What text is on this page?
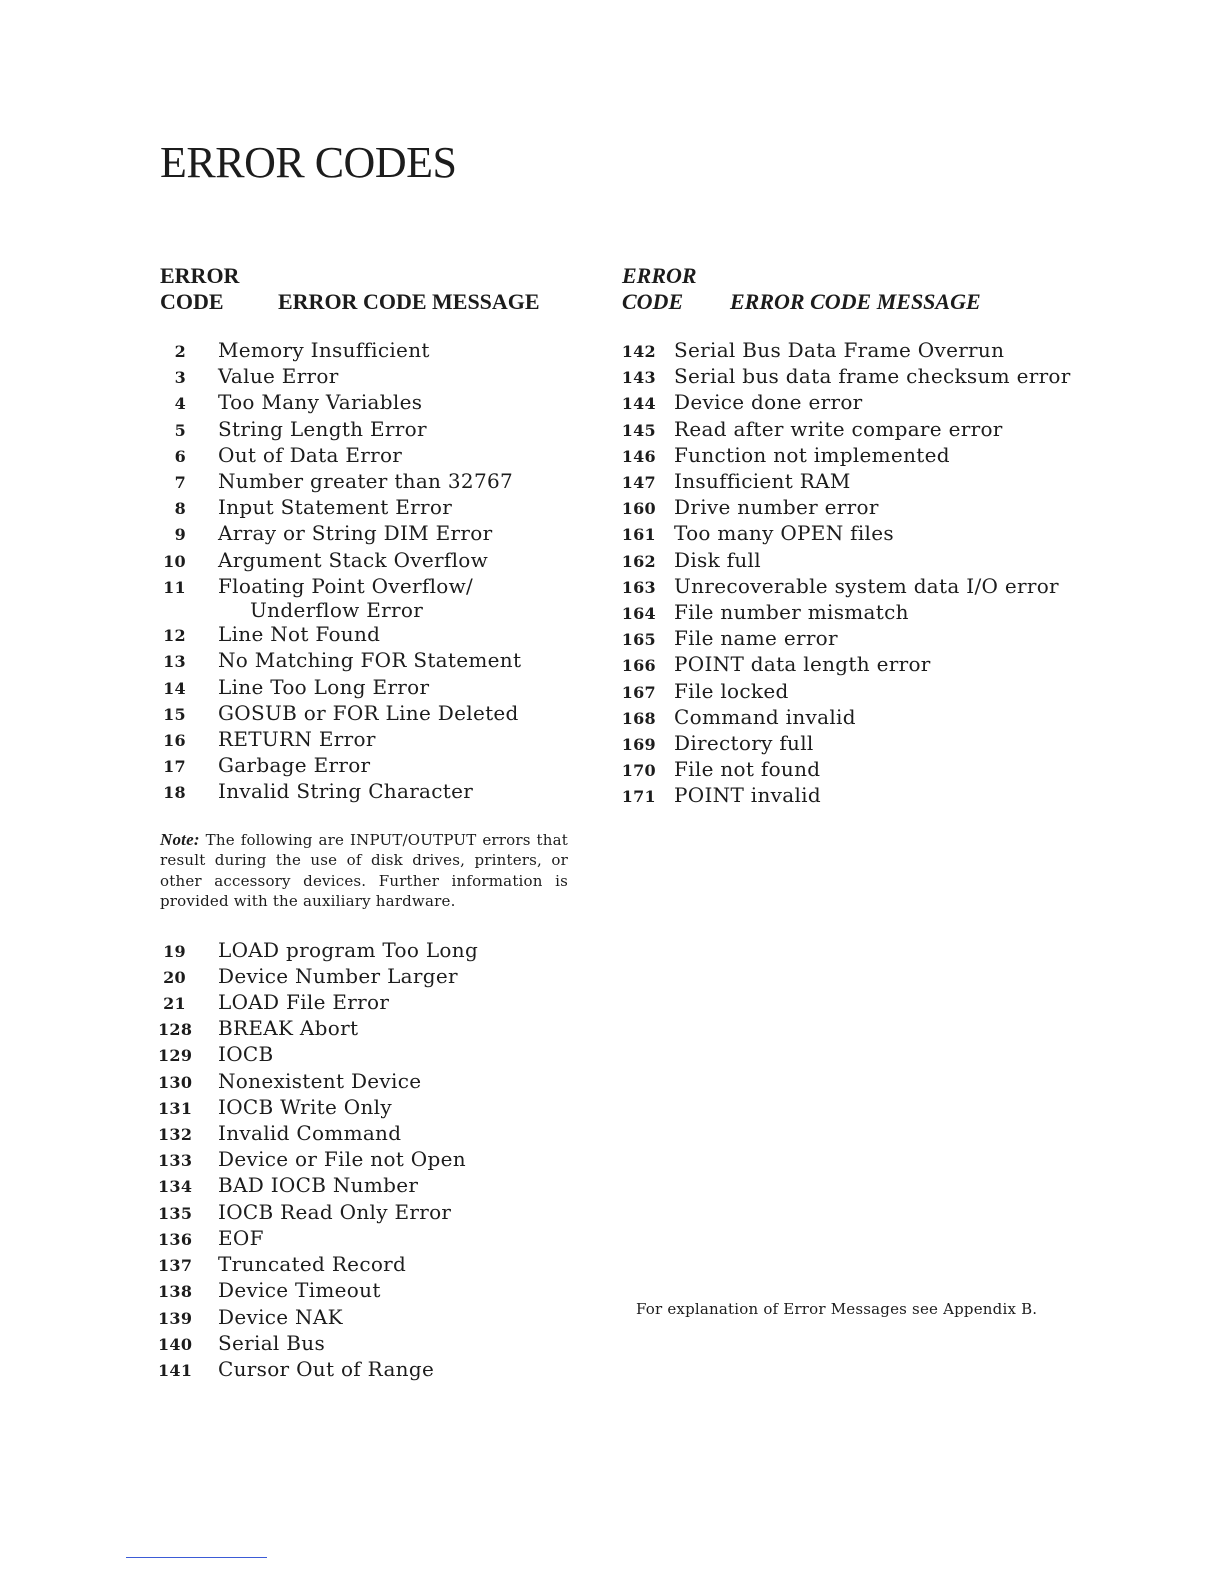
ERROR CODES
ERROR
CODE	ERROR CODE MESSAGE
2 Memory Insufficient
3 Value Error
4 Too Many Variables
5 String Length Error
6 Out of Data Error
7 Number greater than 32767
8 Input Statement Error
9 Array or String DIM Error
10 Argument Stack Overflow
11 Floating Point Overflow/
Underflow Error
12 Line Not Found
13 No Matching FOR Statement
14 Line Too Long Error
15 GOSUB or FOR Line Deleted
16 RETURN Error
17 Garbage Error
18 Invalid String Character

Note: The following are INPUT/OUTPUT errors that result during the use of disk drives, printers, or other accessory devices. Further information is provided with the auxiliary hardware.

19 LOAD program Too Long
20 Device Number Larger
21 LOAD File Error
128 BREAK Abort
129 IOCB
130 Nonexistent Device
131 IOCB Write Only
132 Invalid Command
133 Device or File not Open
134 BAD IOCB Number
135 IOCB Read Only Error
136 EOF
137 Truncated Record
138 Device Timeout
139 Device NAK
140 Serial Bus
141 Cursor Out of Range
ERROR
CODE	ERROR CODE MESSAGE
142 Serial Bus Data Frame Overrun
143 Serial bus data frame checksum error
144 Device done error
145 Read after write compare error
146 Function not implemented
147 Insufficient RAM
160 Drive number error
161 Too many OPEN files
162 Disk full
163 Unrecoverable system data I/O error
164 File number mismatch
165 File name error
166 POINT data length error
167 File locked
168 Command invalid
169 Directory full
170 File not found
171 POINT invalid
For explanation of Error Messages see Appendix B.
